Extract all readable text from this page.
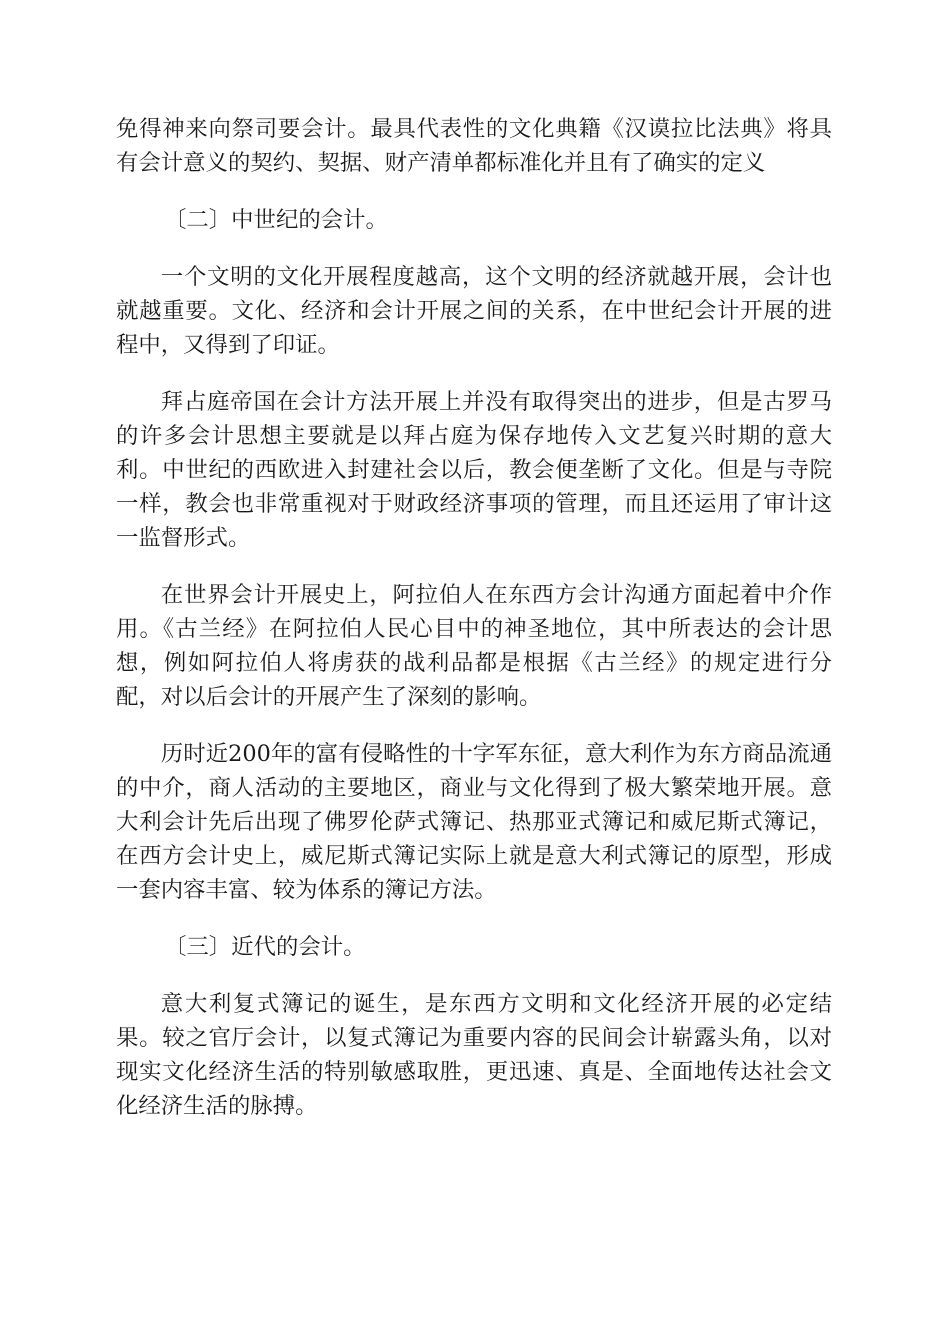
免得神来向祭司要会计。最具代表性的文化典籍《汉谟拉比法典》将具有会计意义的契约、契据、财产清单都标准化并且有了确实的定义

〔二〕中世纪的会计。

一个文明的文化开展程度越高，这个文明的经济就越开展，会计也就越重要。文化、经济和会计开展之间的关系，在中世纪会计开展的进程中，又得到了印证。

拜占庭帝国在会计方法开展上并没有取得突出的进步，但是古罗马的许多会计思想主要就是以拜占庭为保存地传入文艺复兴时期的意大利。中世纪的西欧进入封建社会以后，教会便垄断了文化。但是与寺院一样，教会也非常重视对于财政经济事项的管理，而且还运用了审计这一监督形式。

在世界会计开展史上，阿拉伯人在东西方会计沟通方面起着中介作用。《古兰经》在阿拉伯人民心目中的神圣地位，其中所表达的会计思想，例如阿拉伯人将虏获的战利品都是根据《古兰经》的规定进行分配，对以后会计的开展产生了深刻的影响。

历时近200年的富有侵略性的十字军东征，意大利作为东方商品流通的中介，商人活动的主要地区，商业与文化得到了极大繁荣地开展。意大利会计先后出现了佛罗伦萨式簿记、热那亚式簿记和威尼斯式簿记，在西方会计史上，威尼斯式簿记实际上就是意大利式簿记的原型，形成一套内容丰富、较为体系的簿记方法。

〔三〕近代的会计。

意大利复式簿记的诞生，是东西方文明和文化经济开展的必定结果。较之官厅会计，以复式簿记为重要内容的民间会计崭露头角，以对现实文化经济生活的特别敏感取胜，更迅速、真是、全面地传达社会文化经济生活的脉搏。
